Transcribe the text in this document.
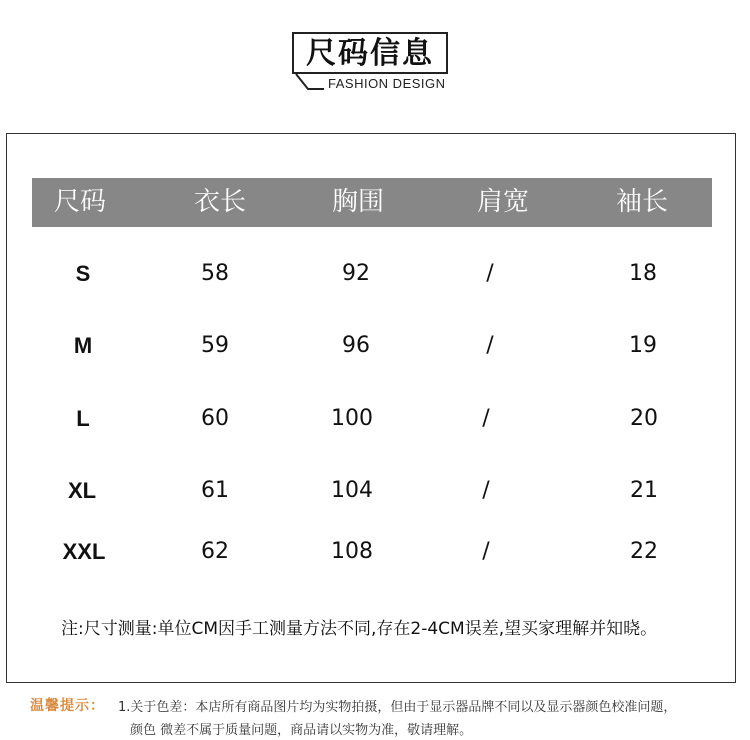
尺码信息
FASHION DESIGN
尺码	衣长	胸围	肩宽	袖长
S	58	92	/	18
M	59	96	/	19
L	60	100	/	20
XL	61	104	/	21
XXL	62	108	/	22
注:尺寸测量:单位CM因手工测量方法不同,存在2-4CM误差,望买家理解并知晓。
温馨提示： 1.关于色差：本店所有商品图片均为实物拍摄，但由于显示器品牌不同以及显示器颜色校准问题，
颜色 微差不属于质量问题，商品请以实物为准，敬请理解。
